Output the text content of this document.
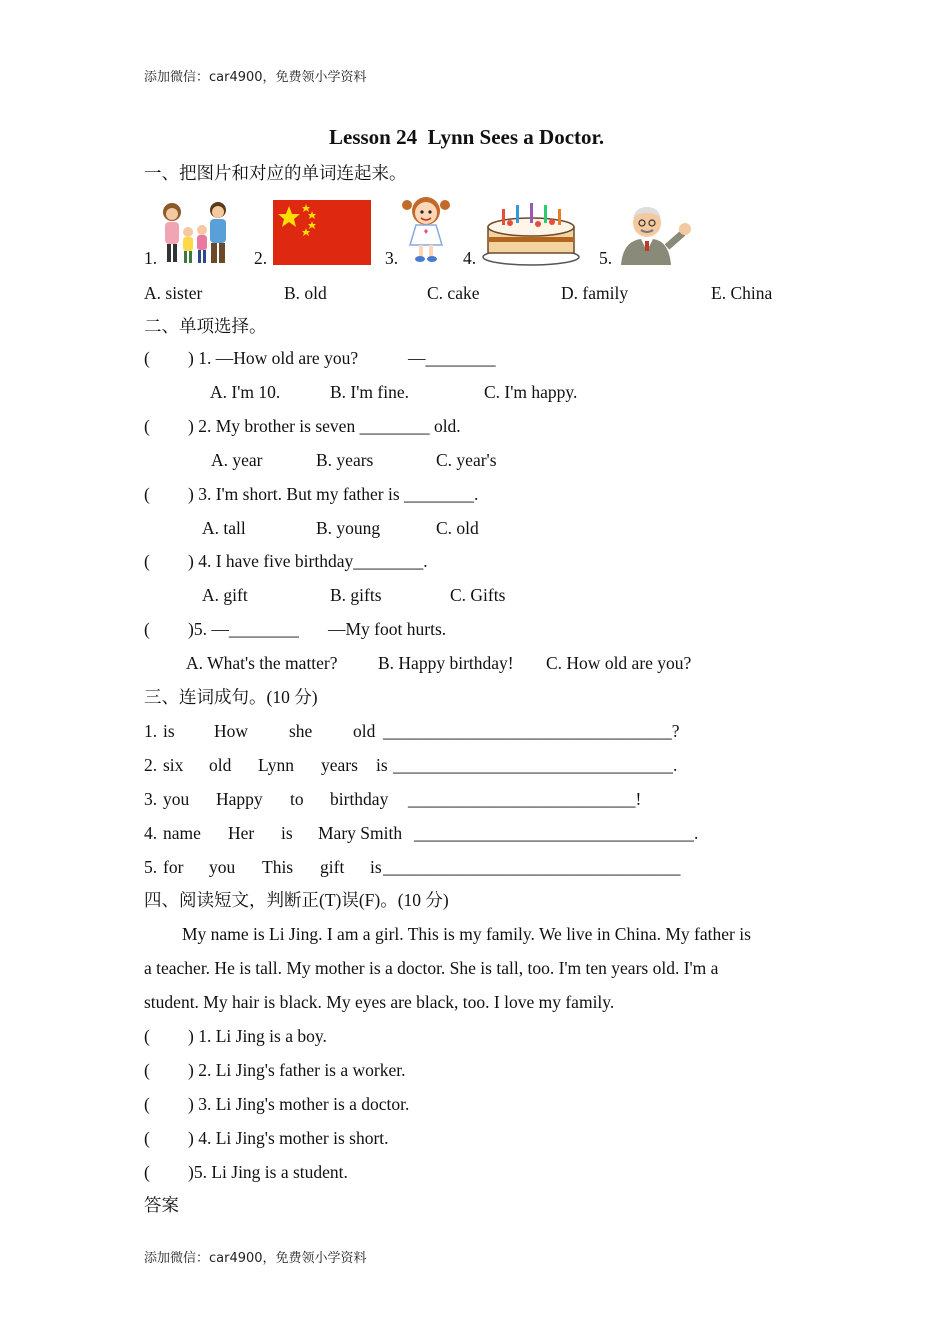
添加微信：car4900，免费领小学资料
Lesson 24  Lynn Sees a Doctor.
一、把图片和对应的单词连起来。
1.	2.	3.	4.	5.
A. sister	B. old	C. cake	D. family	E. China
二、单项选择。
( ) 1. —How old are you?	—________
A. I'm 10.	B. I'm fine.	C. I'm happy.
( ) 2. My brother is seven ________ old.
A. year	B. years	C. year's
( ) 3. I'm short. But my father is ________.
A. tall	B. young	C. old
( ) 4. I have five birthday________.
A. gift	B. gifts	C. Gifts
( )5. —________ —My foot hurts.
A. What's the matter? B. Happy birthday! C. How old are you?
三、连词成句。(10 分)
1. is How she old _________________________________?
2. six old Lynn years is ________________________________.
3. you Happy to birthday __________________________!
4. name Her is Mary Smith ________________________________.
5. for you This gift is __________________________________
四、阅读短文，判断正(T)误(F)。(10 分)
My name is Li Jing. I am a girl. This is my family. We live in China. My father is
a teacher. He is tall. My mother is a doctor. She is tall, too. I'm ten years old. I'm a
student. My hair is black. My eyes are black, too. I love my family.
( ) 1. Li Jing is a boy.
( ) 2. Li Jing's father is a worker.
( ) 3. Li Jing's mother is a doctor.
( ) 4. Li Jing's mother is short.
( )5. Li Jing is a student.
答案
添加微信：car4900，免费领小学资料
